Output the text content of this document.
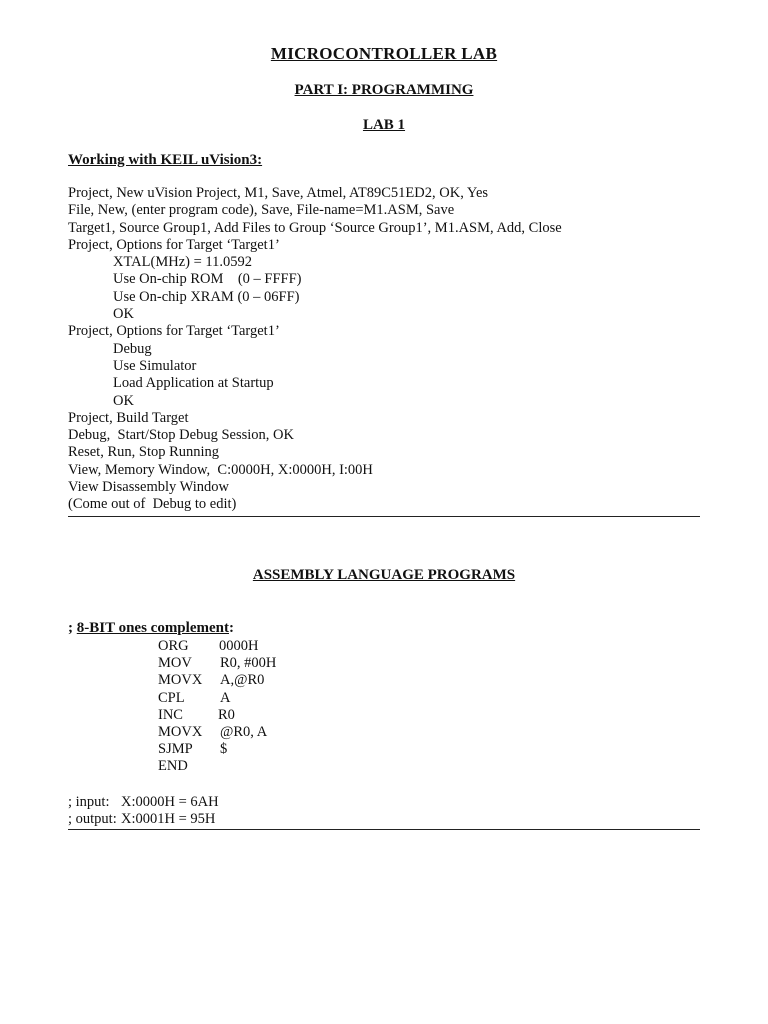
MICROCONTROLLER LAB
PART I: PROGRAMMING
LAB 1
Working with KEIL uVision3:
Project, New uVision Project, M1, Save, Atmel, AT89C51ED2, OK, Yes
File, New, (enter program code), Save, File-name=M1.ASM, Save
Target1, Source Group1, Add Files to Group ‘Source Group1’, M1.ASM, Add, Close
Project, Options for Target ‘Target1’
XTAL(MHz) = 11.0592
Use On-chip ROM    (0 – FFFF)
Use On-chip XRAM (0 – 06FF)
OK
Project, Options for Target ‘Target1’
Debug
Use Simulator
Load Application at Startup
OK
Project, Build Target
Debug,  Start/Stop Debug Session, OK
Reset, Run, Stop Running
View, Memory Window,  C:0000H, X:0000H, I:00H
View Disassembly Window
(Come out of  Debug to edit)
ASSEMBLY LANGUAGE PROGRAMS
; 8-BIT ones complement:
ORG 0000H
MOV R0, #00H
MOVX A,@R0
CPL A
INC R0
MOVX @R0, A
SJMP $
END
; input: X:0000H = 6AH
; output: X:0001H = 95H
